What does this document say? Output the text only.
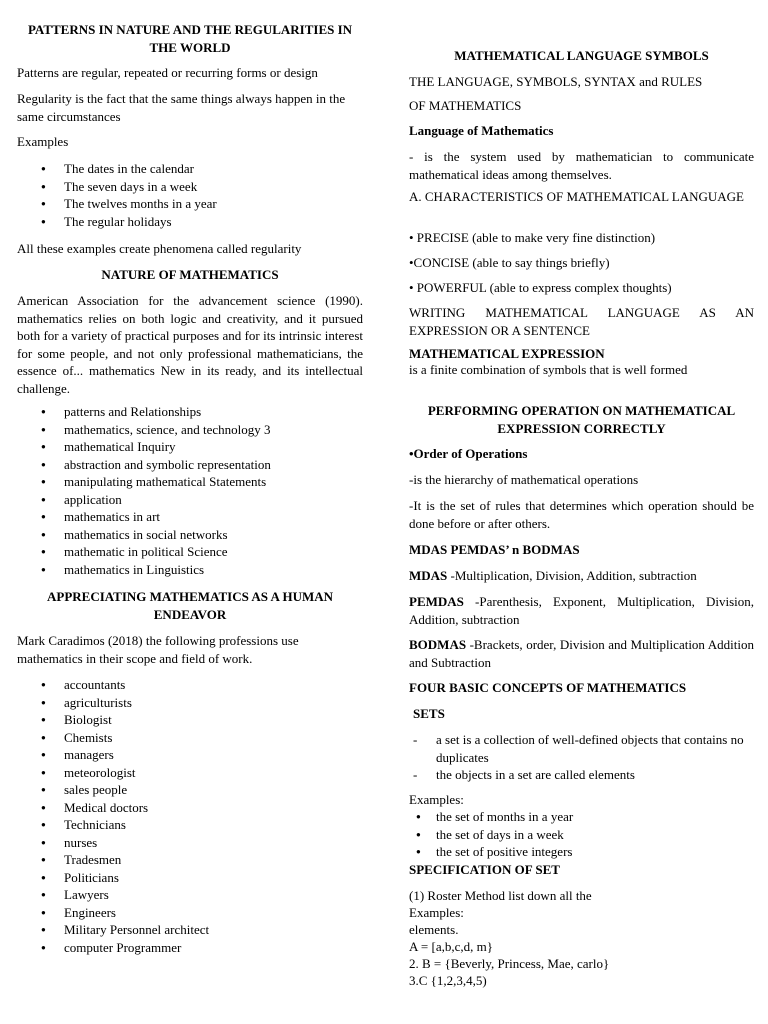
PATTERNS IN NATURE AND THE REGULARITIES IN THE WORLD

Patterns are regular, repeated or recurring forms or design

Regularity is the fact that the same things always happen in the same circumstances

Examples

● The dates in the calendar
● The seven days in a week
● The twelves months in a year
● The regular holidays

All these examples create phenomena called regularity

NATURE OF MATHEMATICS

American Association for the advancement science (1990). mathematics relies on both logic and creativity, and it pursued both for a variety of practical purposes and for its intrinsic interest for some people, and not only professional mathematicians, the essence of... mathematics New in its ready, and its intellectual challenge.

● patterns and Relationships
● mathematics, science, and technology 3
● mathematical Inquiry
● abstraction and symbolic representation
● manipulating mathematical Statements
● application
● mathematics in art
● mathematics in social networks
● mathematic in political Science
● mathematics in Linguistics

APPRECIATING MATHEMATICS AS A HUMAN ENDEAVOR

Mark Caradimos (2018) the following professions use mathematics in their scope and field of work.

● accountants
● agriculturists
● Biologist
● Chemists
● managers
● meteorologist
● sales people
● Medical doctors
● Technicians
● nurses
● Tradesmen
● Politicians
● Lawyers
● Engineers
● Military Personnel architect
● computer Programmer

MATHEMATICAL LANGUAGE SYMBOLS

THE LANGUAGE, SYMBOLS, SYNTAX and RULES

OF MATHEMATICS

Language of Mathematics

- is the system used by mathematician to communicate mathematical ideas among themselves.

A. CHARACTERISTICS OF MATHEMATICAL LANGUAGE

• PRECISE (able to make very fine distinction)

•CONCISE (able to say things briefly)

• POWERFUL (able to express complex thoughts)

WRITING MATHEMATICAL LANGUAGE AS AN EXPRESSION OR A SENTENCE

MATHEMATICAL EXPRESSION

is a finite combination of symbols that is well formed

PERFORMING OPERATION ON MATHEMATICAL EXPRESSION CORRECTLY

•Order of Operations

-is the hierarchy of mathematical operations

-It is the set of rules that determines which operation should be done before or after others.

MDAS PEMDAS’ n BODMAS

MDAS -Multiplication, Division, Addition, subtraction

PEMDAS -Parenthesis, Exponent, Multiplication, Division, Addition, subtraction

BODMAS -Brackets, order, Division and Multiplication Addition and Subtraction

FOUR BASIC CONCEPTS OF MATHEMATICS

SETS

- a set is a collection of well-defined objects that contains no duplicates
- the objects in a set are called elements

Examples:

● the set of months in a year
● the set of days in a week
● the set of positive integers

SPECIFICATION OF SET

(1) Roster Method list down all the

Examples:

elements.

A = [a,b,c,d, m}

2. B = {Beverly, Princess, Mae, carlo}

3.C {1,2,3,4,5)
